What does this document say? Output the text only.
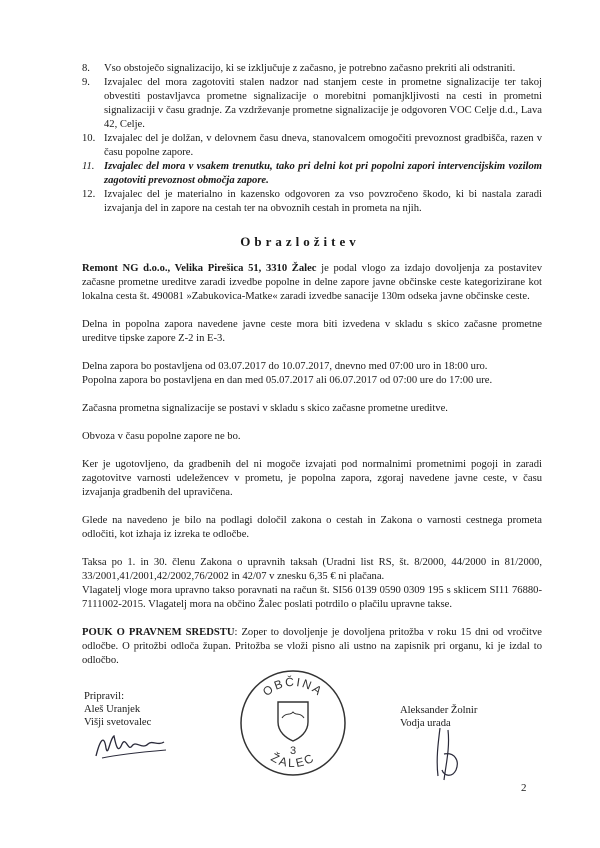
8.	Vso obstoječo signalizacijo, ki se izključuje z začasno, je potrebno začasno prekriti ali odstraniti.
9.	Izvajalec del mora zagotoviti stalen nadzor nad stanjem ceste in prometne signalizacije ter takoj obvestiti postavljavca prometne signalizacije o morebitni pomanjkljivosti na cesti in prometni signalizaciji v času gradnje. Za vzdrževanje prometne signalizacije je odgovoren VOC Celje d.d., Lava 42, Celje.
10. Izvajalec del je dolžan, v delovnem času dneva, stanovalcem omogočiti prevoznost gradbišča, razen v času popolne zapore.
11. Izvajalec del mora v vsakem trenutku, tako pri delni kot pri popolni zapori intervencijskim vozilom zagotoviti prevoznost območja zapore.
12. Izvajalec del je materialno in kazensko odgovoren za vso povzročeno škodo, ki bi nastala zaradi izvajanja del in zapore na cestah ter na obvoznih cestah in prometa na njih.
Obrazložitev

Remont NG d.o.o., Velika Pirešica 51, 3310 Žalec je podal vlogo za izdajo dovoljenja za postavitev začasne prometne ureditve zaradi izvedbe popolne in delne zapore javne občinske ceste kategorizirane kot lokalna cesta št. 490081 »Zabukovica-Matke« zaradi izvedbe sanacije 130m odseka javne občinske ceste.

Delna in popolna zapora navedene javne ceste mora biti izvedena v skladu s skico začasne prometne ureditve tipske zapore Z-2 in E-3.

Delna zapora bo postavljena od 03.07.2017 do 10.07.2017, dnevno med 07:00 uro in 18:00 uro.

Popolna zapora bo postavljena en dan med 05.07.2017 ali 06.07.2017 od 07:00 ure do 17:00 ure.

Začasna prometna signalizacije se postavi v skladu s skico začasne prometne ureditve.

Obvoza v času popolne zapore ne bo.

Ker je ugotovljeno, da gradbenih del ni mogoče izvajati pod normalnimi prometnimi pogoji in zaradi zagotovitve varnosti udeležencev v prometu, je popolna zapora, zgoraj navedene javne ceste, v času izvajanja gradbenih del upravičena.

Glede na navedeno je bilo na podlagi določil zakona o cestah in Zakona o varnosti cestnega prometa odločiti, kot izhaja iz izreka te odločbe.

Taksa po 1. in 30. členu Zakona o upravnih taksah (Uradni list RS, št. 8/2000, 44/2000 in 81/2000, 33/2001,41/2001,42/2002,76/2002 in 42/07 v znesku 6,35 € ni plačana.

Vlagatelj vloge mora upravno takso poravnati na račun št. SI56 0139 0590 0309 195 s sklicem SI11 76880-7111002-2015. Vlagatelj mora na občino Žalec poslati potrdilo o plačilu upravne takse.

POUK O PRAVNEM SREDSTU: Zoper to dovoljenje je dovoljena pritožba v roku 15 dni od vročitve odločbe. O pritožbi odloča župan. Pritožba se vloži pisno ali ustno na zapisnik pri organu, ki je izdal to odločbo.

Pripravil:
Aleš Uranjek
Višji svetovalec
OBČINA
ŽALEC
3
Aleksander Žolnir
Vodja urada
2
